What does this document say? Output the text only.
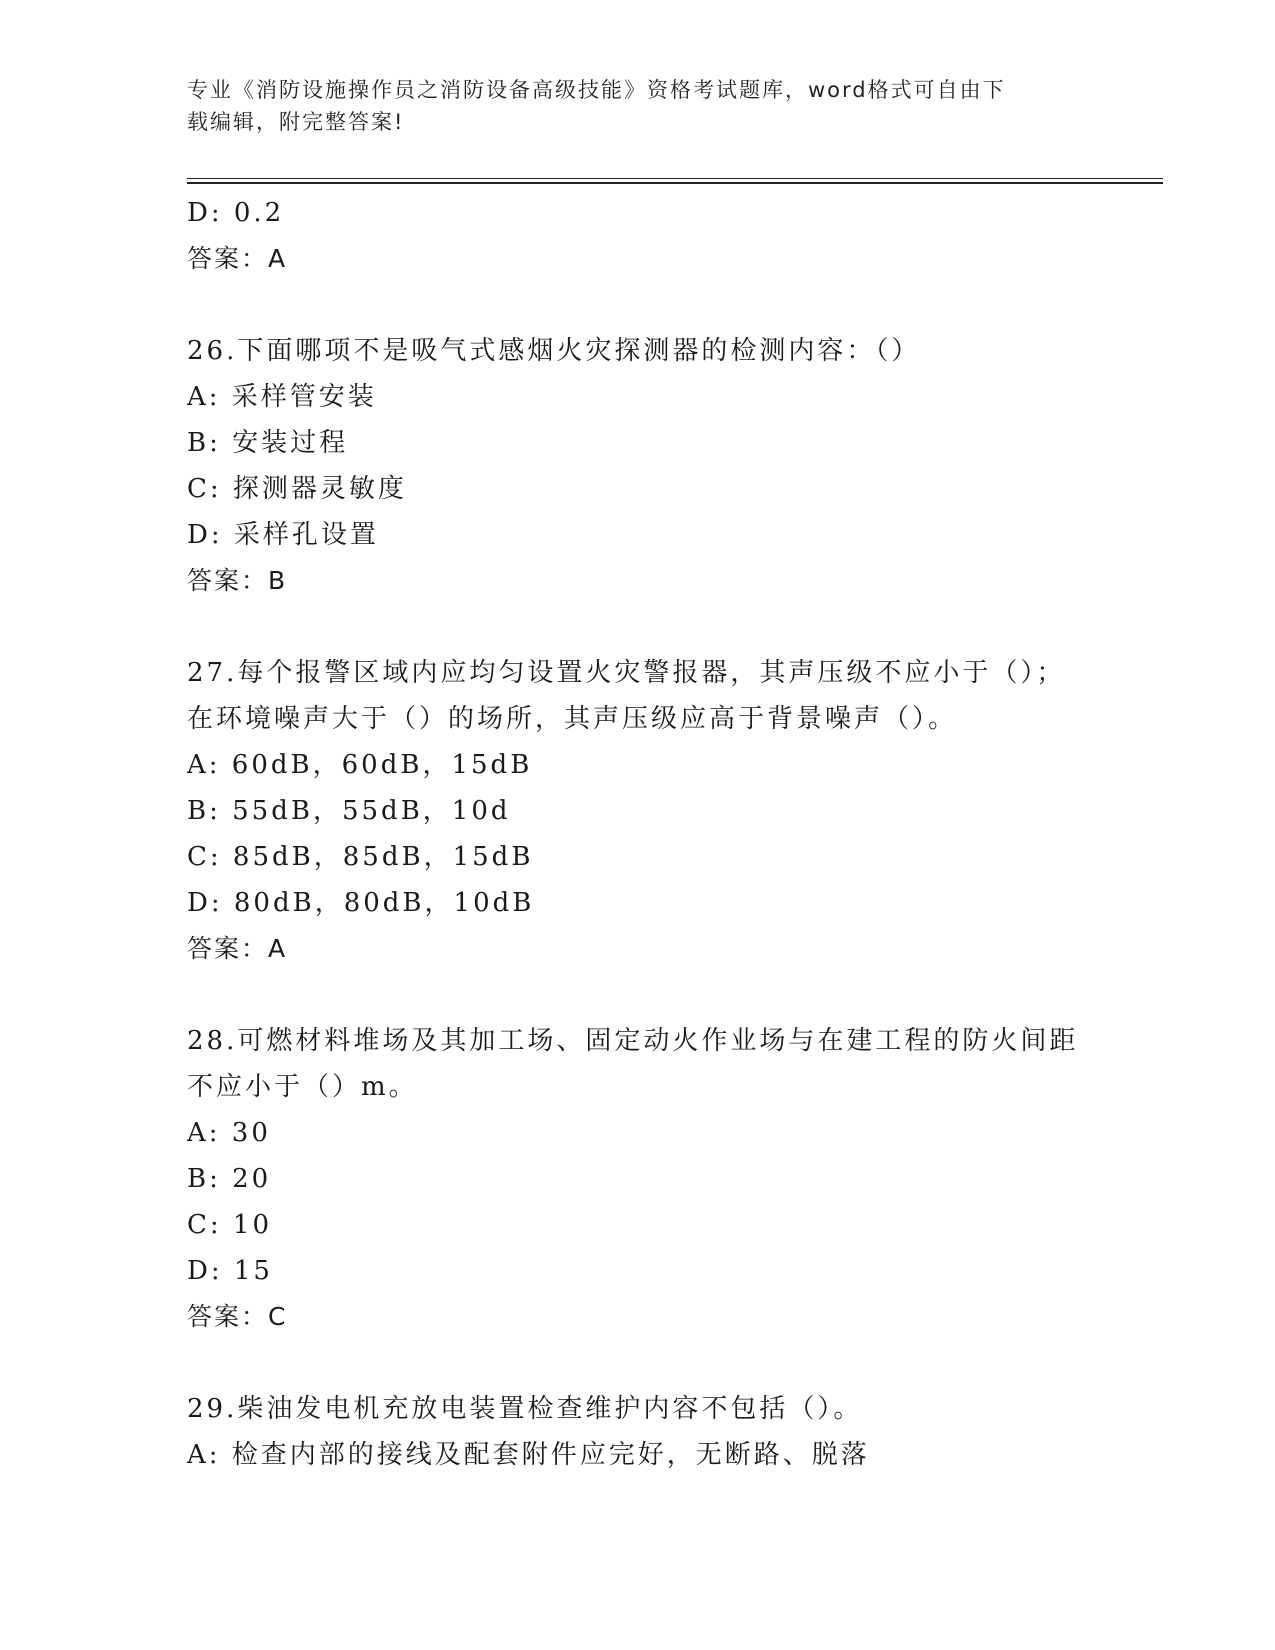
专业《消防设施操作员之消防设备高级技能》资格考试题库，word格式可自由下
载编辑，附完整答案!
D: 0.2
答案：A
26.下面哪项不是吸气式感烟火灾探测器的检测内容：（）
A: 采样管安装
B: 安装过程
C: 探测器灵敏度
D: 采样孔设置
答案：B
27.每个报警区域内应均匀设置火灾警报器，其声压级不应小于（）；
在环境噪声大于（）的场所，其声压级应高于背景噪声（）。
A: 60dB，60dB，15dB
B: 55dB，55dB，10d
C: 85dB，85dB，15dB
D: 80dB，80dB，10dB
答案：A
28.可燃材料堆场及其加工场、固定动火作业场与在建工程的防火间距
不应小于（）m。
A: 30
B: 20
C: 10
D: 15
答案：C
29.柴油发电机充放电装置检查维护内容不包括（）。
A: 检查内部的接线及配套附件应完好，无断路、脱落
